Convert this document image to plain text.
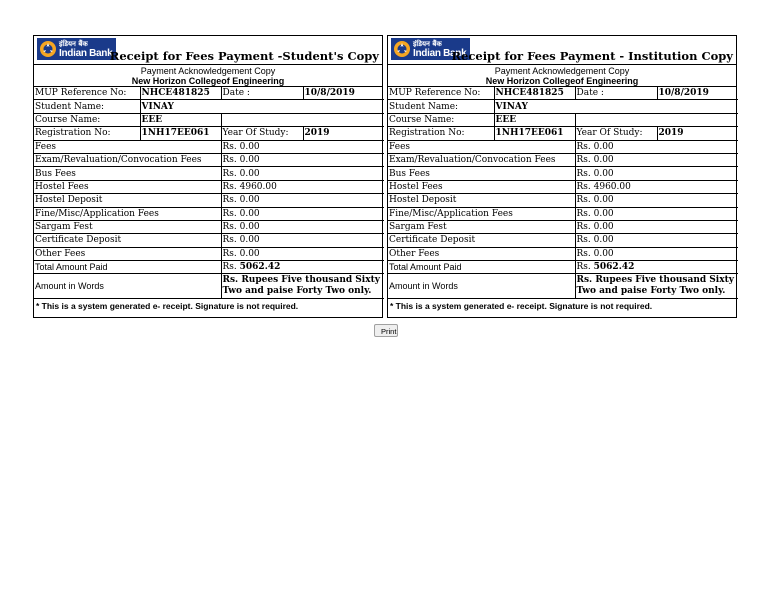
इंडियन बैंक
Indian Bank
Receipt for Fees Payment -Student's Copy
Payment Acknowledgement Copy
New Horizon Collegeof Engineering
MUP Reference No:	NHCE481825	Date :	10/8/2019
Student Name:	VINAY		
Course Name:	EEE		
Registration No:	1NH17EE061	Year Of Study:	2019
Fees		Rs. 0.00	
Exam/Revaluation/Convocation Fees		Rs. 0.00	
Bus Fees		Rs. 0.00	
Hostel Fees		Rs. 4960.00	
Hostel Deposit		Rs. 0.00	
Fine/Misc/Application Fees		Rs. 0.00	
Sargam Fest		Rs. 0.00	
Certificate Deposit		Rs. 0.00	
Other Fees		Rs. 0.00	
Total Amount Paid		Rs. 5062.42	
Amount in Words		Rs. Rupees Five thousand Sixty Two and paise Forty Two only.	
* This is a system generated e- receipt. Signature is not required.
इंडियन बैंक
Indian Bank
Receipt for Fees Payment - Institution Copy
Payment Acknowledgement Copy
New Horizon Collegeof Engineering
MUP Reference No:	NHCE481825	Date :	10/8/2019
Student Name:	VINAY		
Course Name:	EEE		
Registration No:	1NH17EE061	Year Of Study:	2019
Fees		Rs. 0.00	
Exam/Revaluation/Convocation Fees		Rs. 0.00	
Bus Fees		Rs. 0.00	
Hostel Fees		Rs. 4960.00	
Hostel Deposit		Rs. 0.00	
Fine/Misc/Application Fees		Rs. 0.00	
Sargam Fest		Rs. 0.00	
Certificate Deposit		Rs. 0.00	
Other Fees		Rs. 0.00	
Total Amount Paid		Rs. 5062.42	
Amount in Words		Rs. Rupees Five thousand Sixty Two and paise Forty Two only.	
* This is a system generated e- receipt. Signature is not required.
Print
